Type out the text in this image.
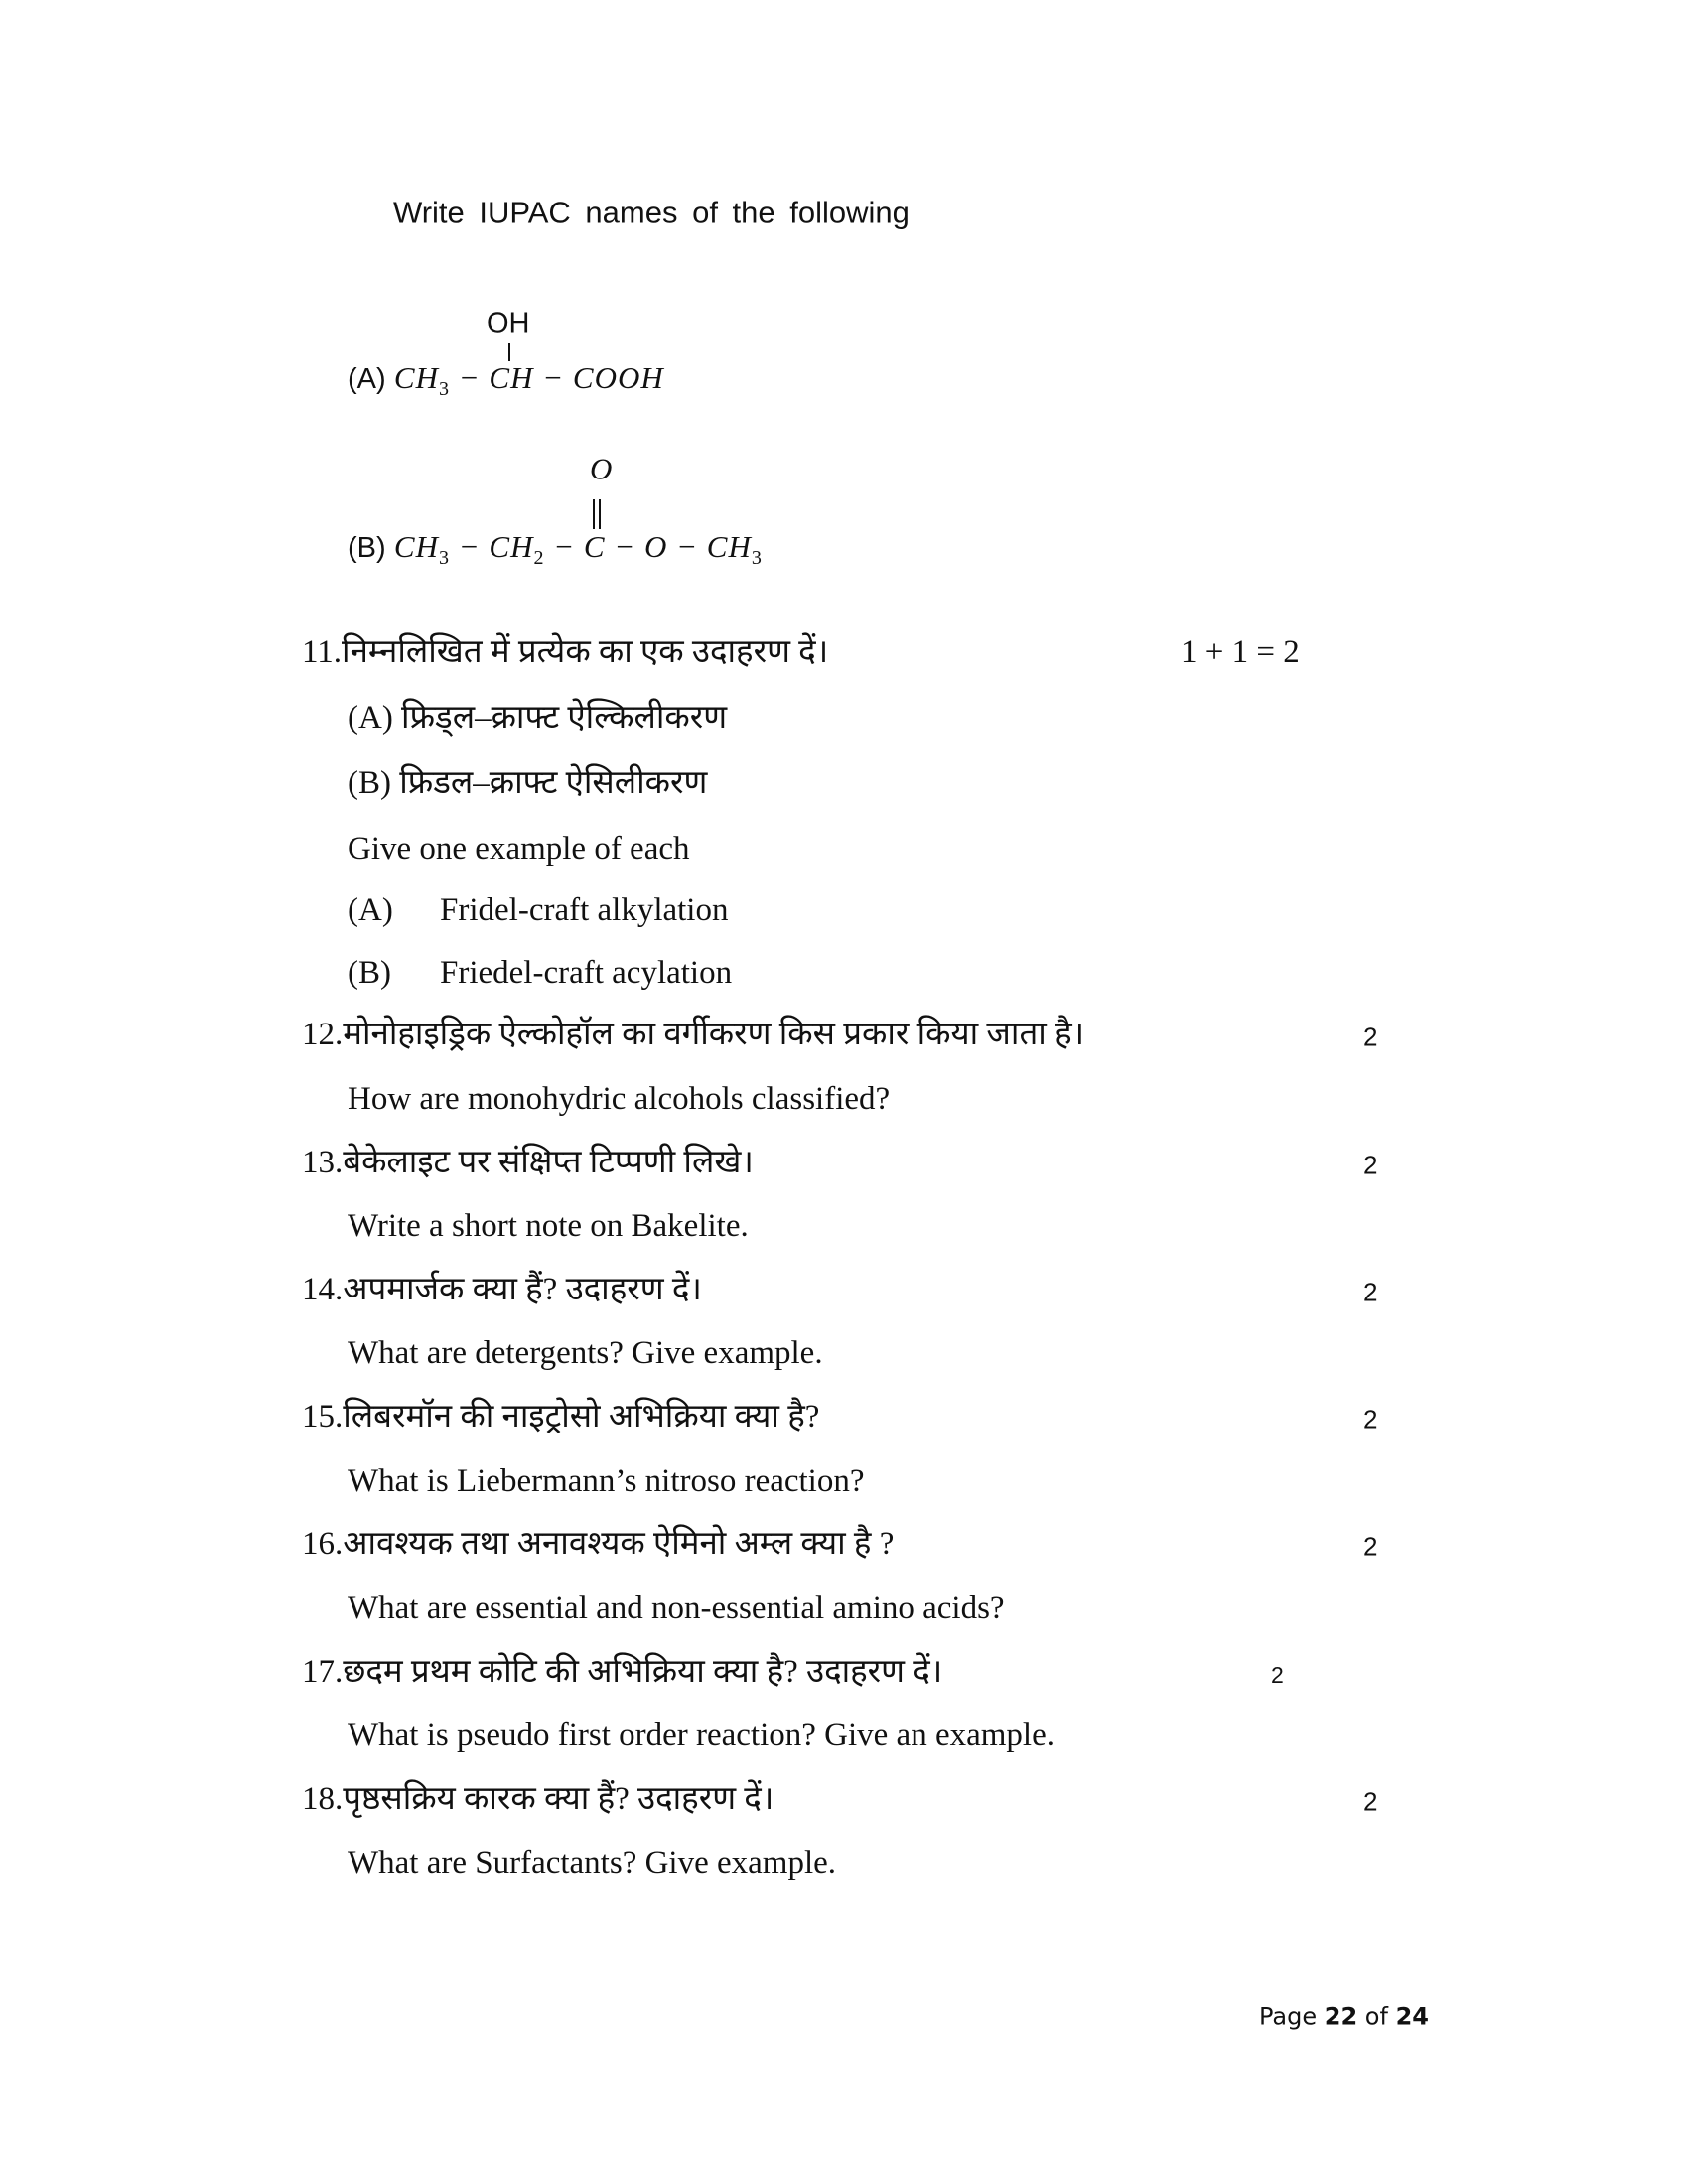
Write IUPAC names of the following
OH
(A) $CH_3$ − CH − COOH
O
(B) $CH_3 - CH_2 - C - O - CH_3$
11.निम्नलिखित में प्रत्येक का एक उदाहरण दें।	1 + 1 = 2
(A) फ्रिड्ल–क्राफ्ट ऐल्किलीकरण
(B) फ्रिडल–क्राफ्ट ऐसिलीकरण
Give one example of each
(A) Fridel-craft alkylation
(B) Friedel-craft acylation
12.मोनोहाइड्रिक ऐल्कोहॉल का वर्गीकरण किस प्रकार किया जाता है।	2
How are monohydric alcohols classified?
13.बेकेलाइट पर संक्षिप्त टिप्पणी लिखे।	2
Write a short note on Bakelite.
14.अपमार्जक क्या हैं? उदाहरण दें।	2
What are detergents? Give example.
15.लिबरमॉन की नाइट्रोसो अभिक्रिया क्या है?	2
What is Liebermann’s nitroso reaction?
16.आवश्यक तथा अनावश्यक ऐमिनो अम्ल क्या है ?	2
What are essential and non-essential amino acids?
17.छदम प्रथम कोटि की अभिक्रिया क्या है? उदाहरण दें।	2
What is pseudo first order reaction? Give an example.
18.पृष्ठसक्रिय कारक क्या हैं? उदाहरण दें।	2
What are Surfactants? Give example.
Page 22 of 24
